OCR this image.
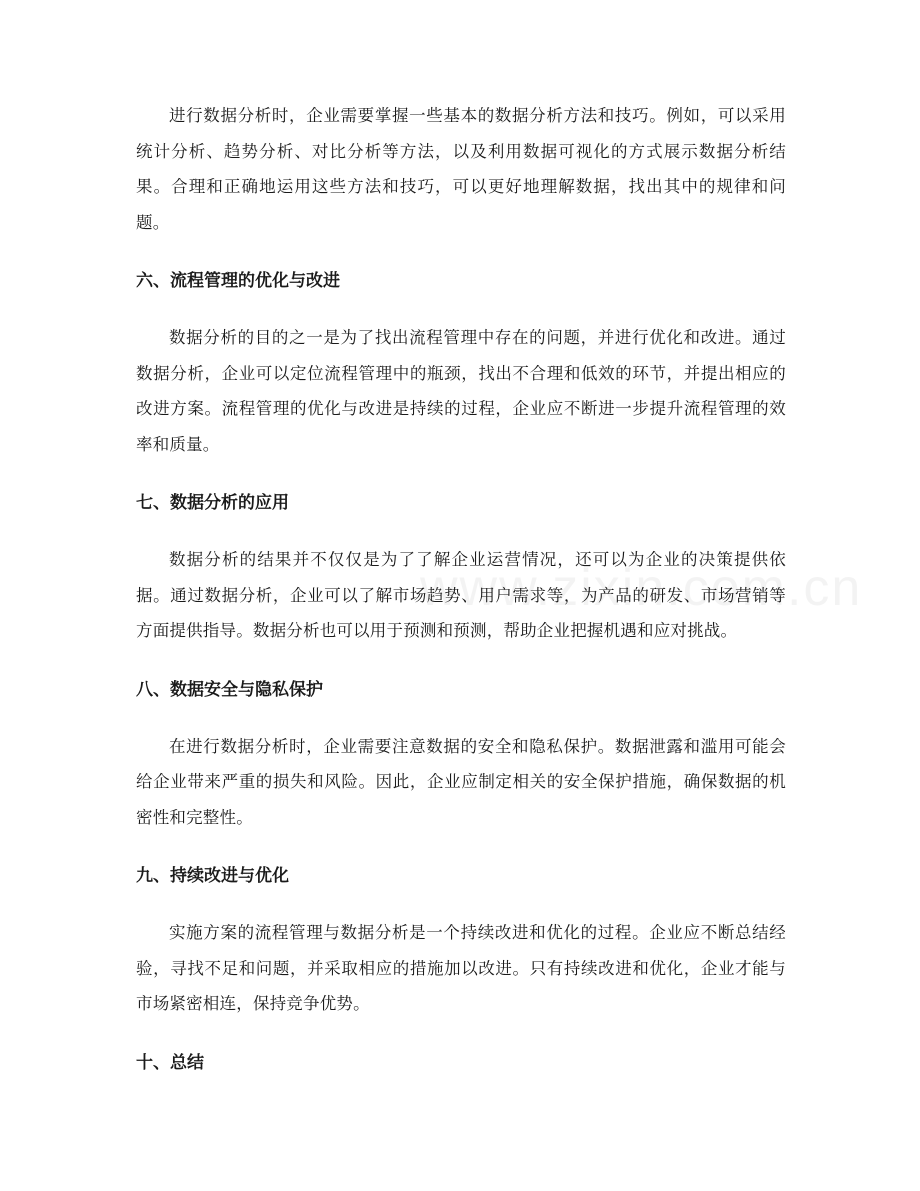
进行数据分析时，企业需要掌握一些基本的数据分析方法和技巧。例如，可以采用统计分析、趋势分析、对比分析等方法，以及利用数据可视化的方式展示数据分析结果。合理和正确地运用这些方法和技巧，可以更好地理解数据，找出其中的规律和问题。

六、流程管理的优化与改进

数据分析的目的之一是为了找出流程管理中存在的问题，并进行优化和改进。通过数据分析，企业可以定位流程管理中的瓶颈，找出不合理和低效的环节，并提出相应的改进方案。流程管理的优化与改进是持续的过程，企业应不断进一步提升流程管理的效率和质量。

七、数据分析的应用

数据分析的结果并不仅仅是为了了解企业运营情况，还可以为企业的决策提供依据。通过数据分析，企业可以了解市场趋势、用户需求等，为产品的研发、市场营销等方面提供指导。数据分析也可以用于预测和预测，帮助企业把握机遇和应对挑战。

八、数据安全与隐私保护

在进行数据分析时，企业需要注意数据的安全和隐私保护。数据泄露和滥用可能会给企业带来严重的损失和风险。因此，企业应制定相关的安全保护措施，确保数据的机密性和完整性。

九、持续改进与优化

实施方案的流程管理与数据分析是一个持续改进和优化的过程。企业应不断总结经验，寻找不足和问题，并采取相应的措施加以改进。只有持续改进和优化，企业才能与市场紧密相连，保持竞争优势。

十、总结
